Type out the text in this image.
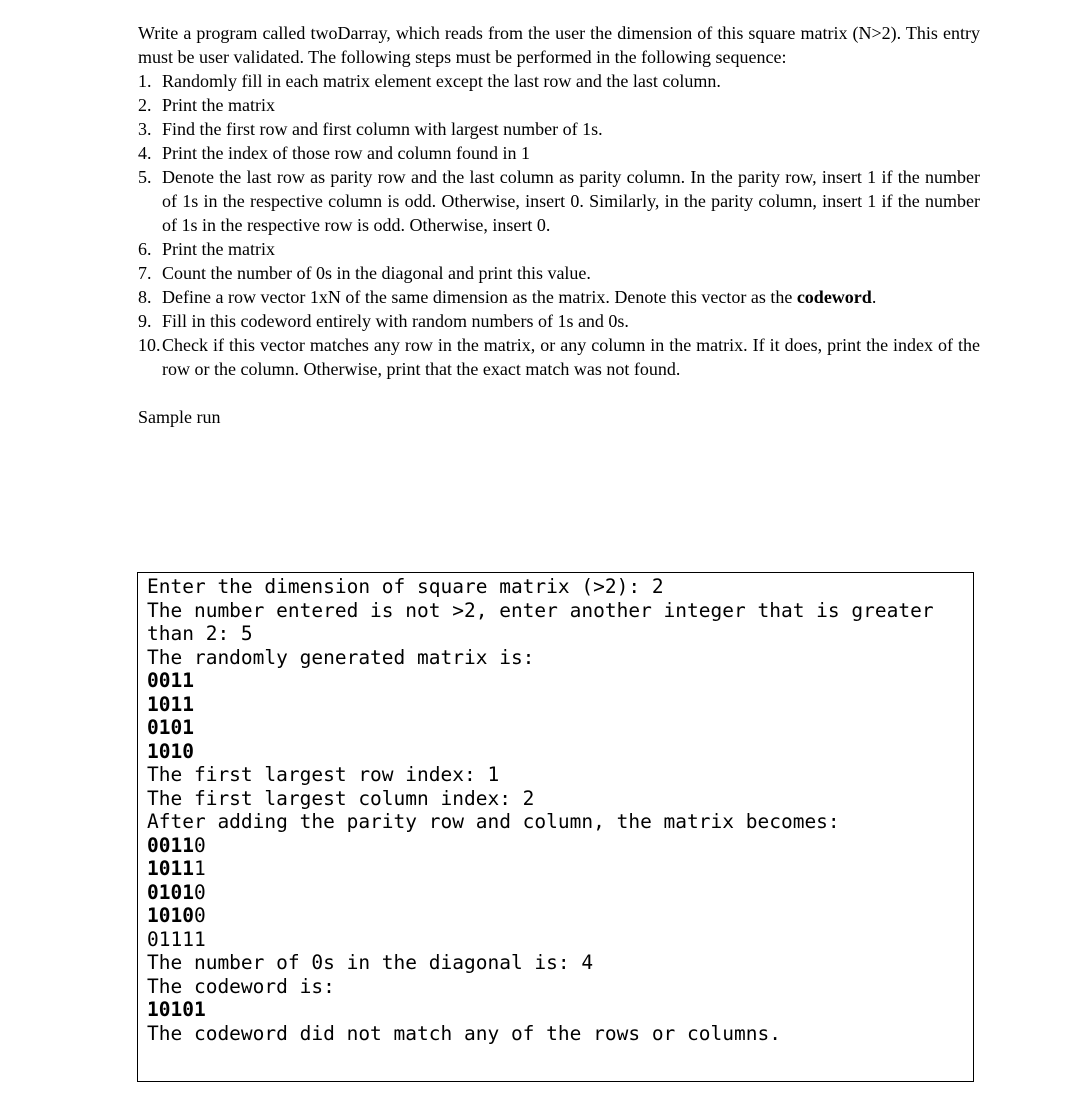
Write a program called twoDarray, which reads from the user the dimension of this square matrix (N>2). This entry must be user validated. The following steps must be performed in the following sequence:

1. Randomly fill in each matrix element except the last row and the last column.
2. Print the matrix
3. Find the first row and first column with largest number of 1s.
4. Print the index of those row and column found in 1
5. Denote the last row as parity row and the last column as parity column. In the parity row, insert 1 if the number of 1s in the respective column is odd. Otherwise, insert 0. Similarly, in the parity column, insert 1 if the number of 1s in the respective row is odd. Otherwise, insert 0.
6. Print the matrix
7. Count the number of 0s in the diagonal and print this value.
8. Define a row vector 1xN of the same dimension as the matrix. Denote this vector as the codeword.
9. Fill in this codeword entirely with random numbers of 1s and 0s.
10. Check if this vector matches any row in the matrix, or any column in the matrix. If it does, print the index of the row or the column. Otherwise, print that the exact match was not found.
Sample run
Enter the dimension of square matrix (>2): 2
The number entered is not >2, enter another integer that is greater
than 2: 5
The randomly generated matrix is:
0011
1011
0101
1010
The first largest row index: 1
The first largest column index: 2
After adding the parity row and column, the matrix becomes:
00110
10111
01010
10100
01111
The number of 0s in the diagonal is: 4
The codeword is:
10101
The codeword did not match any of the rows or columns.
